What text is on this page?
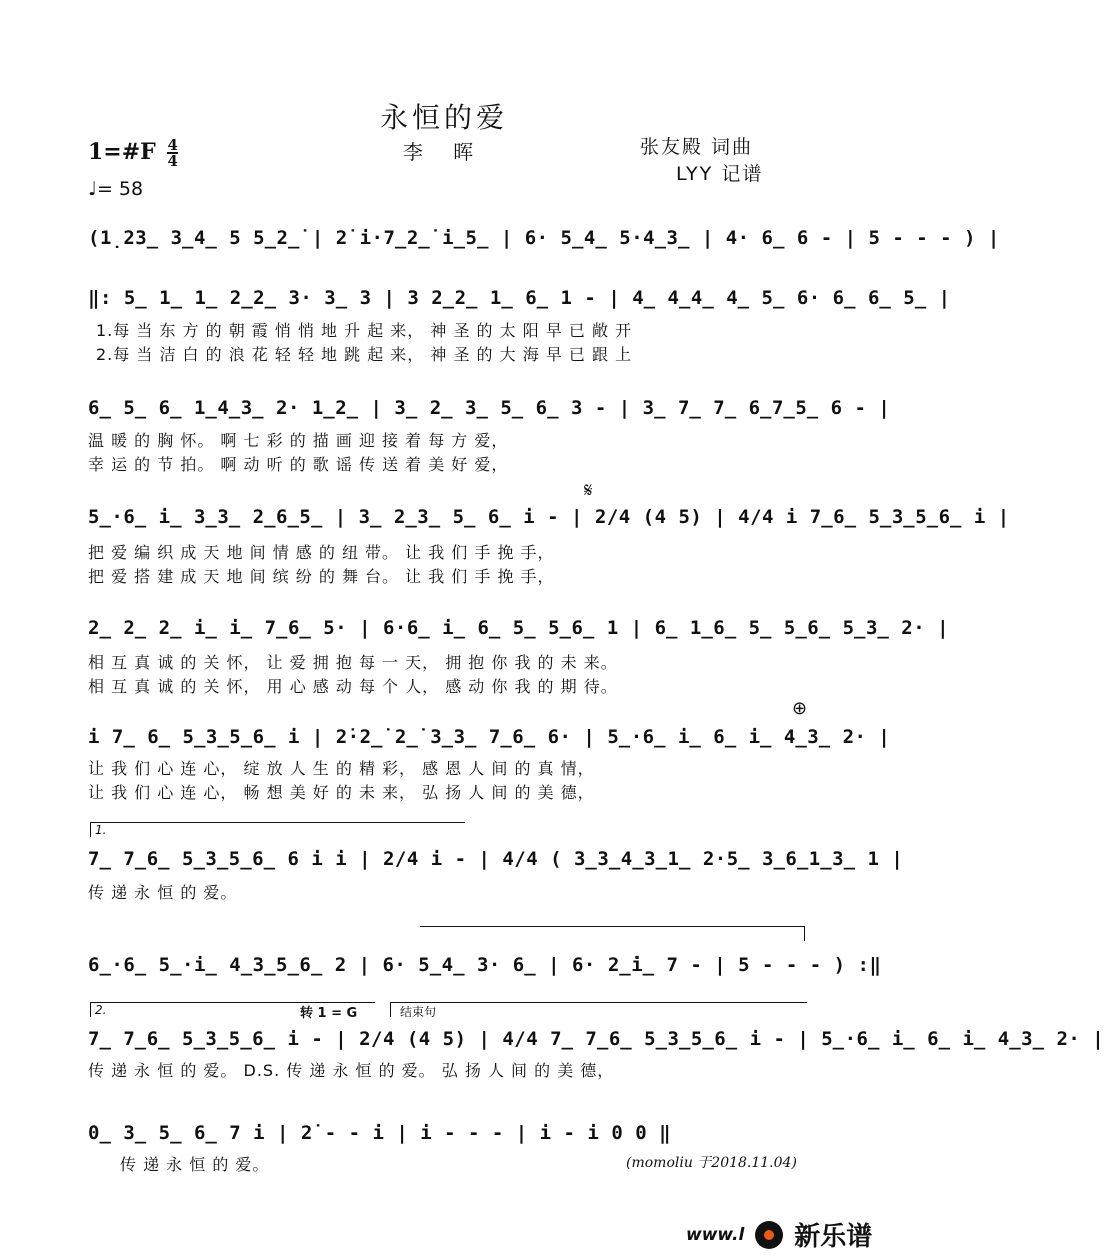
永恒的爱
李 晖
1=#F $\frac{4}{4}$
♩= 58
张友殿 词曲
LYY 记谱
(1̣23̲ 3̲4̲ 5 5̲2̲̇ | 2̇ i·7̲2̲̇ i̲5̲ | 6· 5̲4̲ 5·4̲3̲ | 4· 6̲ 6 - | 5 - - - ) |
‖: 5̲ 1̲ 1̲ 2̲2̲ 3· 3̲ 3 | 3 2̲2̲ 1̲ 6̲ 1 - | 4̲ 4̲4̲ 4̲ 5̲ 6· 6̲ 6̲ 5̲ |
1.每 当 东 方 的 朝 霞 悄 悄 地 升 起 来， 神 圣 的 太 阳 早 已 敞 开
2.每 当 洁 白 的 浪 花 轻 轻 地 跳 起 来， 神 圣 的 大 海 早 已 跟 上
6̲ 5̲ 6̲ 1̲4̲3̲ 2· 1̲2̲ | 3̲ 2̲ 3̲ 5̲ 6̲ 3 - | 3̲ 7̲ 7̲ 6̲7̲5̲ 6 - |
温 暖 的 胸 怀。 啊 七 彩 的 描 画 迎 接 着 每 方 爱，
幸 运 的 节 拍。 啊 动 听 的 歌 谣 传 送 着 美 好 爱，
𝄋
5̲·6̲ i̲ 3̲3̲ 2̲6̲5̲ | 3̲ 2̲3̲ 5̲ 6̲ i - | 2/4 (4 5) | 4/4 i 7̲6̲ 5̲3̲5̲6̲ i |
把 爱 编 织 成 天 地 间 情 感 的 纽 带。 让 我 们 手 挽 手，
把 爱 搭 建 成 天 地 间 缤 纷 的 舞 台。 让 我 们 手 挽 手，
2̲ 2̲ 2̲ i̲ i̲ 7̲6̲ 5· | 6·6̲ i̲ 6̲ 5̲ 5̲6̲ 1 | 6̲ 1̲6̲ 5̲ 5̲6̲ 5̲3̲ 2· |
相 互 真 诚 的 关 怀， 让 爱 拥 抱 每 一 天， 拥 抱 你 我 的 未 来。
相 互 真 诚 的 关 怀， 用 心 感 动 每 个 人， 感 动 你 我 的 期 待。
⊕
i 7̲ 6̲ 5̲3̲5̲6̲ i | 2̇·2̲̇ 2̲̇ 3̲3̲ 7̲6̲ 6· | 5̲·6̲ i̲ 6̲ i̲ 4̲3̲ 2· |
让 我 们 心 连 心， 绽 放 人 生 的 精 彩， 感 恩 人 间 的 真 情，
让 我 们 心 连 心， 畅 想 美 好 的 未 来， 弘 扬 人 间 的 美 德，
1.
7̲ 7̲6̲ 5̲3̲5̲6̲ 6 i i | 2/4 i - | 4/4 ( 3̲3̲4̲3̲1̲ 2·5̲ 3̲6̲1̲3̲ 1 |
传 递 永 恒 的 爱。
6̲·6̲ 5̲·i̲ 4̲3̲5̲6̲ 2 | 6· 5̲4̲ 3· 6̲ | 6· 2̲̇i̲ 7 - | 5 - - - ) :‖
2.	转 1 = G	结束句
7̲ 7̲6̲ 5̲3̲5̲6̲ i - | 2/4 (4 5) | 4/4 7̲ 7̲6̲ 5̲3̲5̲6̲ i - | 5̲·6̲ i̲ 6̲ i̲ 4̲3̲ 2· |
传 递 永 恒 的 爱。 D.S. 传 递 永 恒 的 爱。 弘 扬 人 间 的 美 德，
0̲ 3̲ 5̲ 6̲ 7 i | 2̇ - - i | i - - - | i - i 0 0 ‖
传 递 永 恒 的 爱。	(momoliu 于2018.11.04)
www.l 新乐谱
